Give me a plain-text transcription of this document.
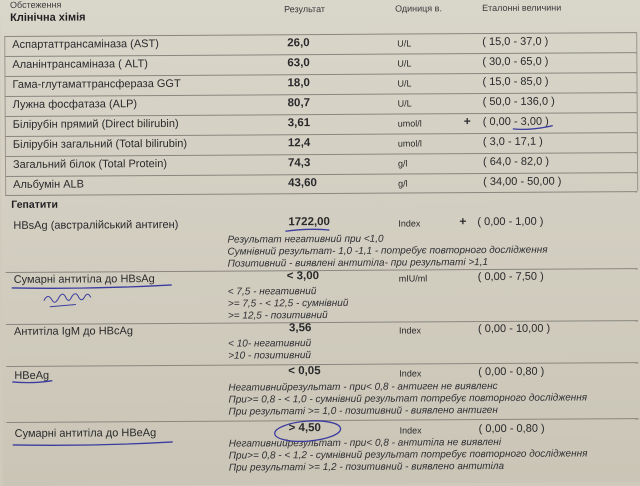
Обстеження	Результат	Одиниця в.	Еталонні величини
Клінічна хімія
Аспартаттрансаміназа (AST)	26,0	U/L	( 15,0 - 37,0 )
Аланінтрансаміназа ( ALT)	63,0	U/L	( 30,0 - 65,0 )
Гама-глутаматтрансфераза GGT	18,0	U/L	( 15,0 - 85,0 )
Лужна фосфатаза (ALP)	80,7	U/L	( 50,0 - 136,0 )
Білірубін прямий (Direct bilirubin)	3,61	umol/l	+ ( 0,00 - 3,00 )
Білірубін загальний (Total bilirubin)	12,4	umol/l	( 3,0 - 17,1 )
Загальний білок (Total Protein)	74,3	g/l	( 64,0 - 82,0 )
Альбумін ALB	43,60	g/l	( 34,00 - 50,00 )
Гепатити
HBsAg (австралійський антиген)	1722,00	Index	+ ( 0,00 - 1,00 )
Результат негативний при <1,0
Сумнівний результат- 1,0 -1,1 - потребує повторного дослідження
Позитивний - виявлені антитіла- при результаті >1,1
Сумарні антитіла до HBsAg	< 3,00	mIU/ml	( 0,00 - 7,50 )
< 7,5 - негативний
>= 7,5 - < 12,5 - сумнівний
>= 12,5 - позитивний
Антитіла IgM до HBcAg	3,56	Index	( 0,00 - 10,00 )
< 10- негативний
>10 - позитивний
HBeAg	< 0,05	Index	( 0,00 - 0,80 )
Негативнийрезультат - при< 0,8 - антиген не виявленс
При>= 0,8 - < 1,0 - сумнівний результат потребує повторного дослідження
При результаті >= 1,0 - позитивний - виявлено антиген
Сумарні антитіла до HBeAg	> 4,50	Index	( 0,00 - 0,80 )
Негативнийрезультат - при< 0,8 - антитіла не виявлені
При>= 0,8 - < 1,2 - сумнівний результат потребує повторного дослідження
При результаті >= 1,2 - позитивний - виявлено антитіла
